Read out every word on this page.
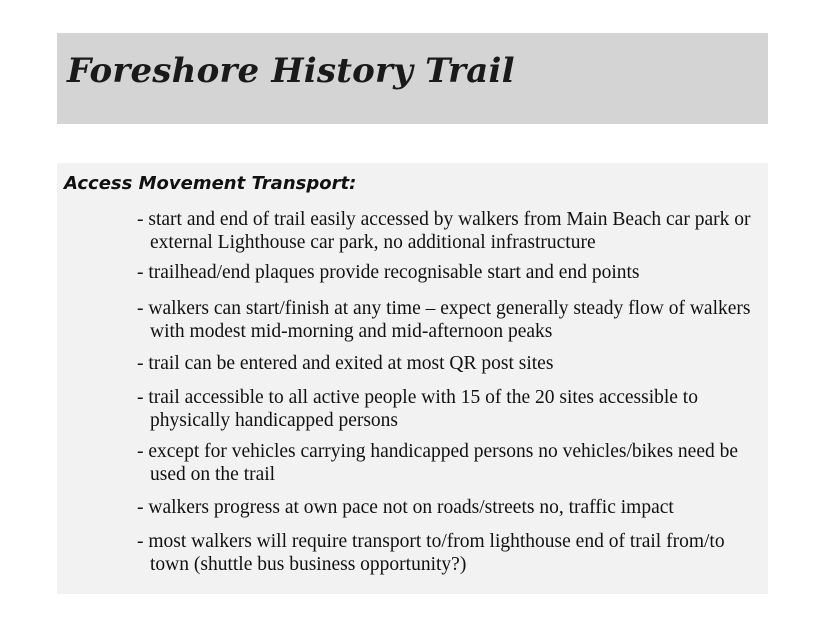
Foreshore History Trail
Access Movement Transport:
- start and end of trail easily accessed by walkers from Main Beach car park or external Lighthouse car park, no additional infrastructure
- trailhead/end plaques provide recognisable start and end points
- walkers can start/finish at any time – expect generally steady flow of walkers with modest mid-morning and mid-afternoon peaks
- trail can be entered and exited at most QR post sites
- trail accessible to all active people with 15 of the 20 sites accessible to physically handicapped persons
- except for vehicles carrying handicapped persons no vehicles/bikes need be used on the trail
- walkers progress at own pace not on roads/streets no, traffic impact
- most walkers will require transport to/from lighthouse end of trail from/to town (shuttle bus business opportunity?)
